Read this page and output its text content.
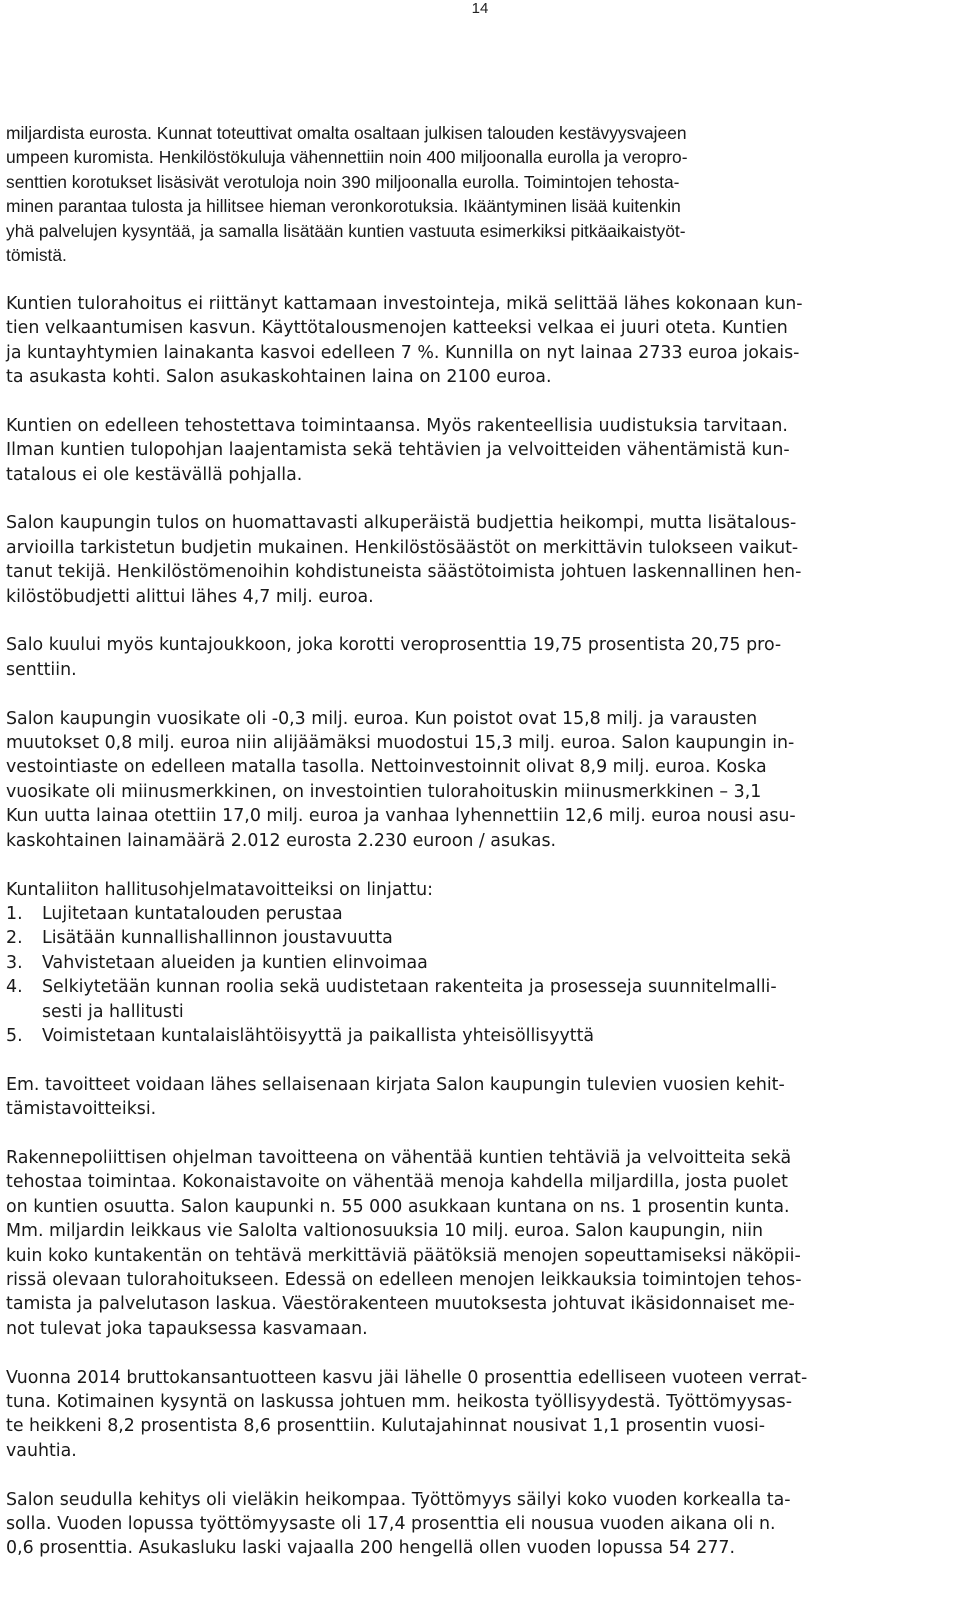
14

miljardista eurosta. Kunnat toteuttivat omalta osaltaan julkisen talouden kestävyysvajeen
umpeen kuromista. Henkilöstökuluja vähennettiin noin 400 miljoonalla eurolla ja veropro-
senttien korotukset lisäsivät verotuloja noin 390 miljoonalla eurolla. Toimintojen tehosta-
minen parantaa tulosta ja hillitsee hieman veronkorotuksia. Ikääntyminen lisää kuitenkin
yhä palvelujen kysyntää, ja samalla lisätään kuntien vastuuta esimerkiksi pitkäaikaistyöt-
tömistä.

Kuntien tulorahoitus ei riittänyt kattamaan investointeja, mikä selittää lähes kokonaan kun-
tien velkaantumisen kasvun. Käyttötalousmenojen katteeksi velkaa ei juuri oteta. Kuntien
ja kuntayhtymien lainakanta kasvoi edelleen 7 %. Kunnilla on nyt lainaa 2733 euroa jokais-
ta asukasta kohti. Salon asukaskohtainen laina on 2100 euroa.

Kuntien on edelleen tehostettava toimintaansa. Myös rakenteellisia uudistuksia tarvitaan.
Ilman kuntien tulopohjan laajentamista sekä tehtävien ja velvoitteiden vähentämistä kun-
tatalous ei ole kestävällä pohjalla.

Salon kaupungin tulos on huomattavasti alkuperäistä budjettia heikompi, mutta lisätalous-
arvioilla tarkistetun budjetin mukainen. Henkilöstösäästöt on merkittävin tulokseen vaikut-
tanut tekijä. Henkilöstömenoihin kohdistuneista säästötoimista johtuen laskennallinen hen-
kilöstöbudjetti alittui lähes 4,7 milj. euroa.

Salo kuului myös kuntajoukkoon, joka korotti veroprosenttia 19,75 prosentista 20,75 pro-
senttiin.

Salon kaupungin vuosikate oli -0,3 milj. euroa. Kun poistot ovat 15,8 milj. ja varausten
muutokset 0,8 milj. euroa niin alijäämäksi muodostui 15,3 milj. euroa. Salon kaupungin in-
vestointiaste on edelleen matalla tasolla. Nettoinvestoinnit olivat 8,9 milj. euroa. Koska
vuosikate oli miinusmerkkinen, on investointien tulorahoituskin miinusmerkkinen – 3,1
Kun uutta lainaa otettiin 17,0 milj. euroa ja vanhaa lyhennettiin 12,6 milj. euroa nousi asu-
kaskohtainen lainamäärä 2.012 eurosta 2.230 euroon / asukas.

Kuntaliiton hallitusohjelmatavoitteiksi on linjattu:

1. Lujitetaan kuntatalouden perustaa
2. Lisätään kunnallishallinnon joustavuutta
3. Vahvistetaan alueiden ja kuntien elinvoimaa
4. Selkiytetään kunnan roolia sekä uudistetaan rakenteita ja prosesseja suunnitelmalli-
sesti ja hallitusti
5. Voimistetaan kuntalaislähtöisyyttä ja paikallista yhteisöllisyyttä

Em. tavoitteet voidaan lähes sellaisenaan kirjata Salon kaupungin tulevien vuosien kehit-
tämistavoitteiksi.

Rakennepoliittisen ohjelman tavoitteena on vähentää kuntien tehtäviä ja velvoitteita sekä
tehostaa toimintaa. Kokonaistavoite on vähentää menoja kahdella miljardilla, josta puolet
on kuntien osuutta. Salon kaupunki n. 55 000 asukkaan kuntana on ns. 1 prosentin kunta.
Mm. miljardin leikkaus vie Salolta valtionosuuksia 10 milj. euroa. Salon kaupungin, niin
kuin koko kuntakentän on tehtävä merkittäviä päätöksiä menojen sopeuttamiseksi näköpii-
rissä olevaan tulorahoitukseen. Edessä on edelleen menojen leikkauksia toimintojen tehos-
tamista ja palvelutason laskua. Väestörakenteen muutoksesta johtuvat ikäsidonnaiset me-
not tulevat joka tapauksessa kasvamaan.

Vuonna 2014 bruttokansantuotteen kasvu jäi lähelle 0 prosenttia edelliseen vuoteen verrat-
tuna. Kotimainen kysyntä on laskussa johtuen mm. heikosta työllisyydestä. Työttömyysas-
te heikkeni 8,2 prosentista 8,6 prosenttiin. Kulutajahinnat nousivat 1,1 prosentin vuosi-
vauhtia.

Salon seudulla kehitys oli vieläkin heikompaa. Työttömyys säilyi koko vuoden korkealla ta-
solla. Vuoden lopussa työttömyysaste oli 17,4 prosenttia eli nousua vuoden aikana oli n.
0,6 prosenttia. Asukasluku laski vajaalla 200 hengellä ollen vuoden lopussa 54 277.
